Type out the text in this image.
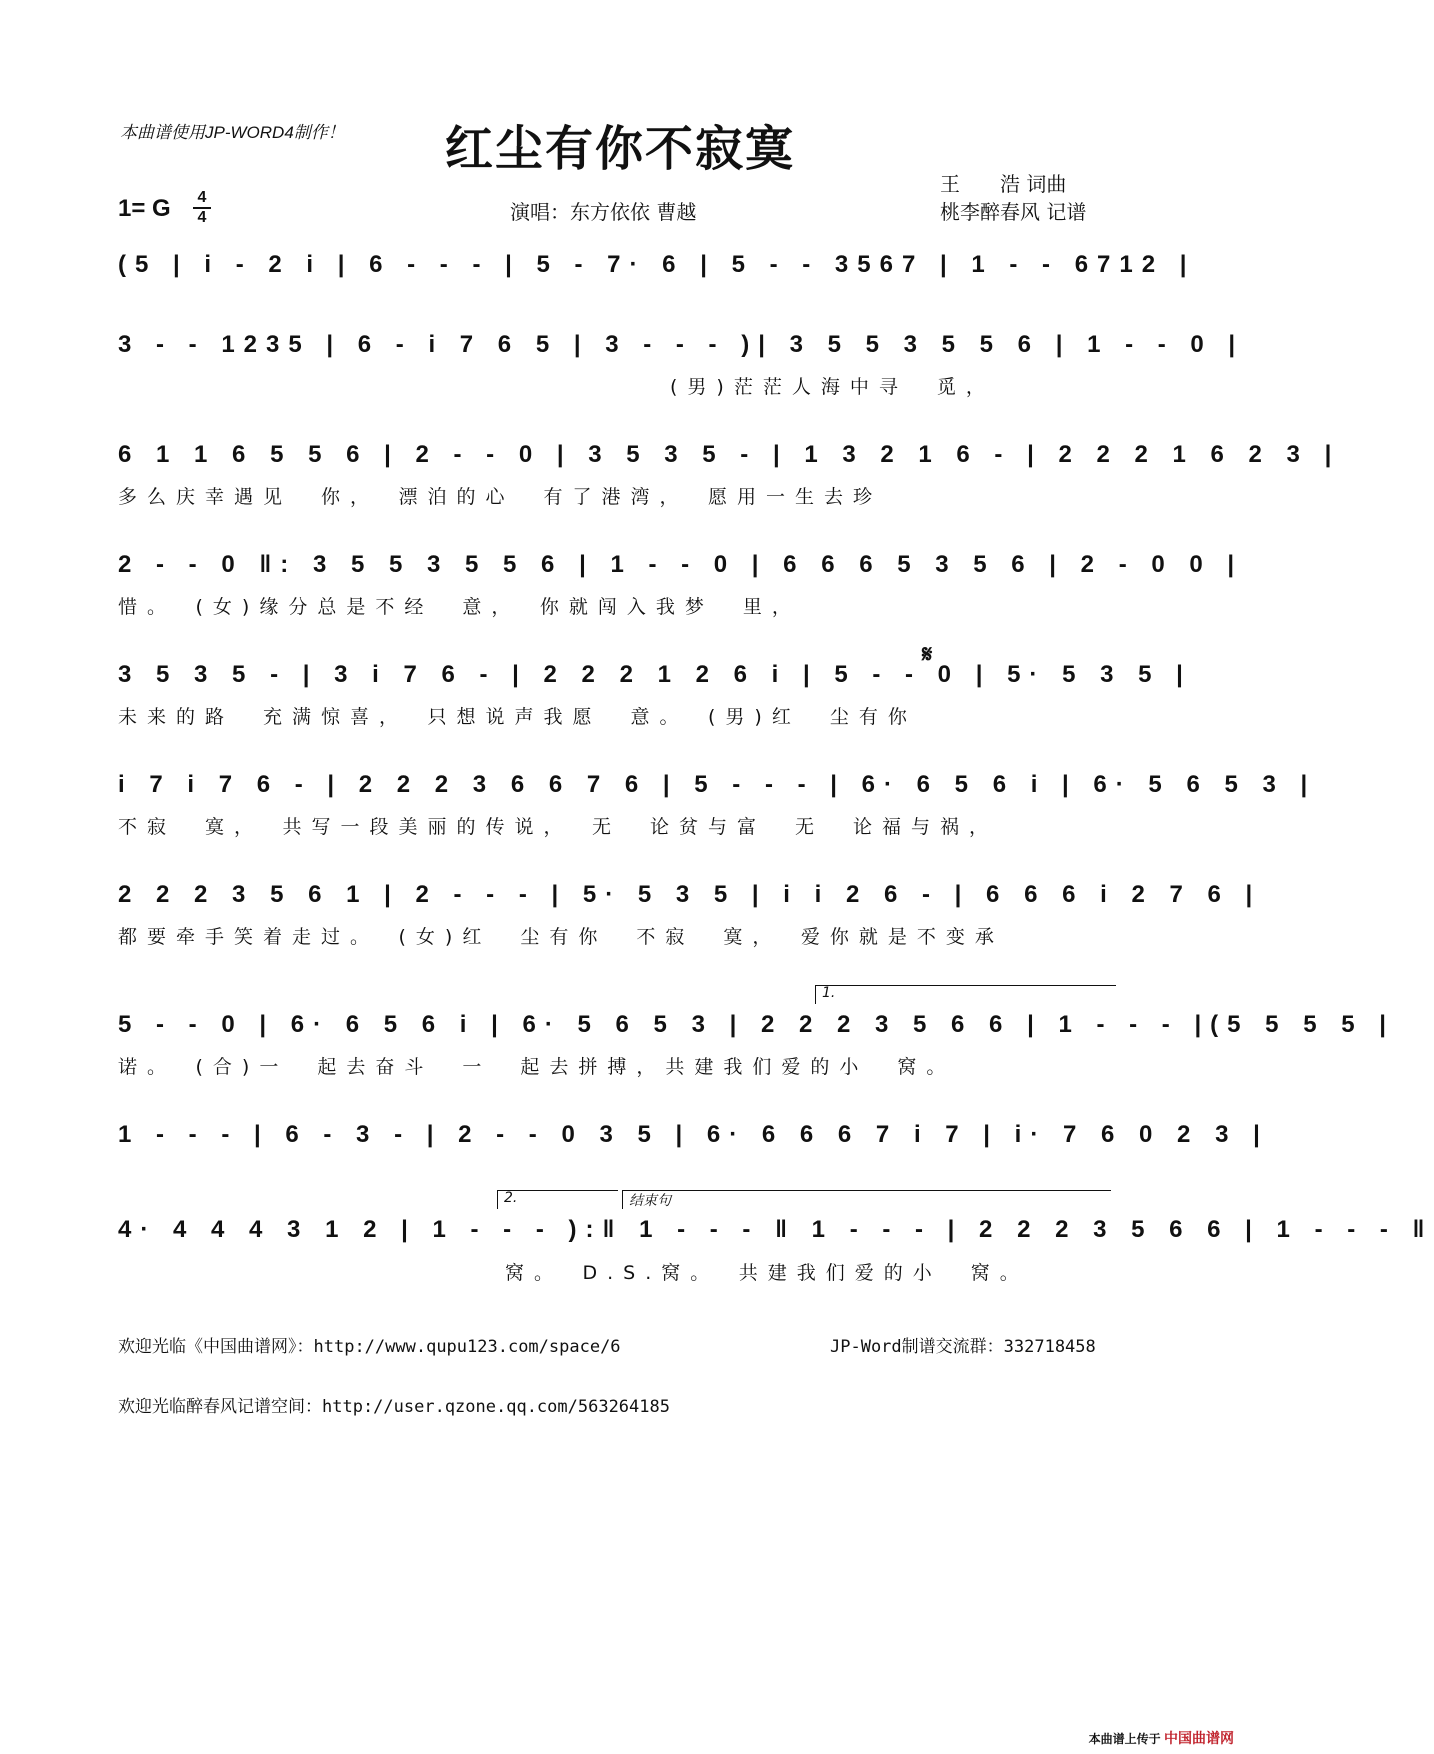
本曲谱使用JP-WORD4制作！	红尘有你不寂寞
王　　浩 词曲
桃李醉春风 记谱
1= G 4
4	演唱：东方依依 曹越
(5 | i - 2 i | 6 - - - | 5 - 7· 6 | 5 - - 3567 | 1 - - 6712 |
3 - - 1235 | 6 - i 7 6 5 | 3 - - - )| 3 5 5 3 5 5 6 | 1 - - 0 |
(男)茫茫人海中寻　觅，
6 1 1 6 5 5 6 | 2 - - 0 | 3 5 3 5 - | 1 3 2 1 6 - | 2 2 2 1 6 2 3 |
多么庆幸遇见　你，　漂泊的心　有了港湾，　愿用一生去珍
2 - - 0 ‖: 3 5 5 3 5 5 6 | 1 - - 0 | 6 6 6 5 3 5 6 | 2 - 0 0 |
惜。　(女)缘分总是不经　意，　你就闯入我梦　里，
𝄋
3 5 3 5 - | 3 i 7 6 - | 2 2 2 1 2 6 i | 5 - - 0 | 5· 5 3 5 |
未来的路　充满惊喜，　只想说声我愿　意。　(男)红　尘有你
i 7 i 7 6 - | 2 2 2 3 6 6 7 6 | 5 - - - | 6· 6 5 6 i | 6· 5 6 5 3 |
不寂　寞，　共写一段美丽的传说，　无　论贫与富　无　论福与祸，
2 2 2 3 5 6 1 | 2 - - - | 5· 5 3 5 | i i 2 6 - | 6 6 6 i 2 7 6 |
都要牵手笑着走过。　(女)红　尘有你　不寂　寞，　爱你就是不变承
1.
5 - - 0 | 6· 6 5 6 i | 6· 5 6 5 3 | 2 2 2 3 5 6 6 | 1 - - - |(5 5 5 5 |
诺。　(合)一　起去奋斗　一　起去拼搏，共建我们爱的小　窝。
1 - - - | 6 - 3 - | 2 - - 0 3 5 | 6· 6 6 6 7 i 7 | i· 7 6 0 2 3 |
2.	结束句
4· 4 4 4 3 1 2 | 1 - - - ):‖ 1 - - - ‖ 1 - - - | 2 2 2 3 5 6 6 | 1 - - - ‖
窝。　D.S.窝。　共建我们爱的小　窝。
欢迎光临《中国曲谱网》：http://www.qupu123.com/space/6	JP-Word制谱交流群：332718458
欢迎光临醉春风记谱空间：http://user.qzone.qq.com/563264185
本曲谱上传于 中国曲谱网
